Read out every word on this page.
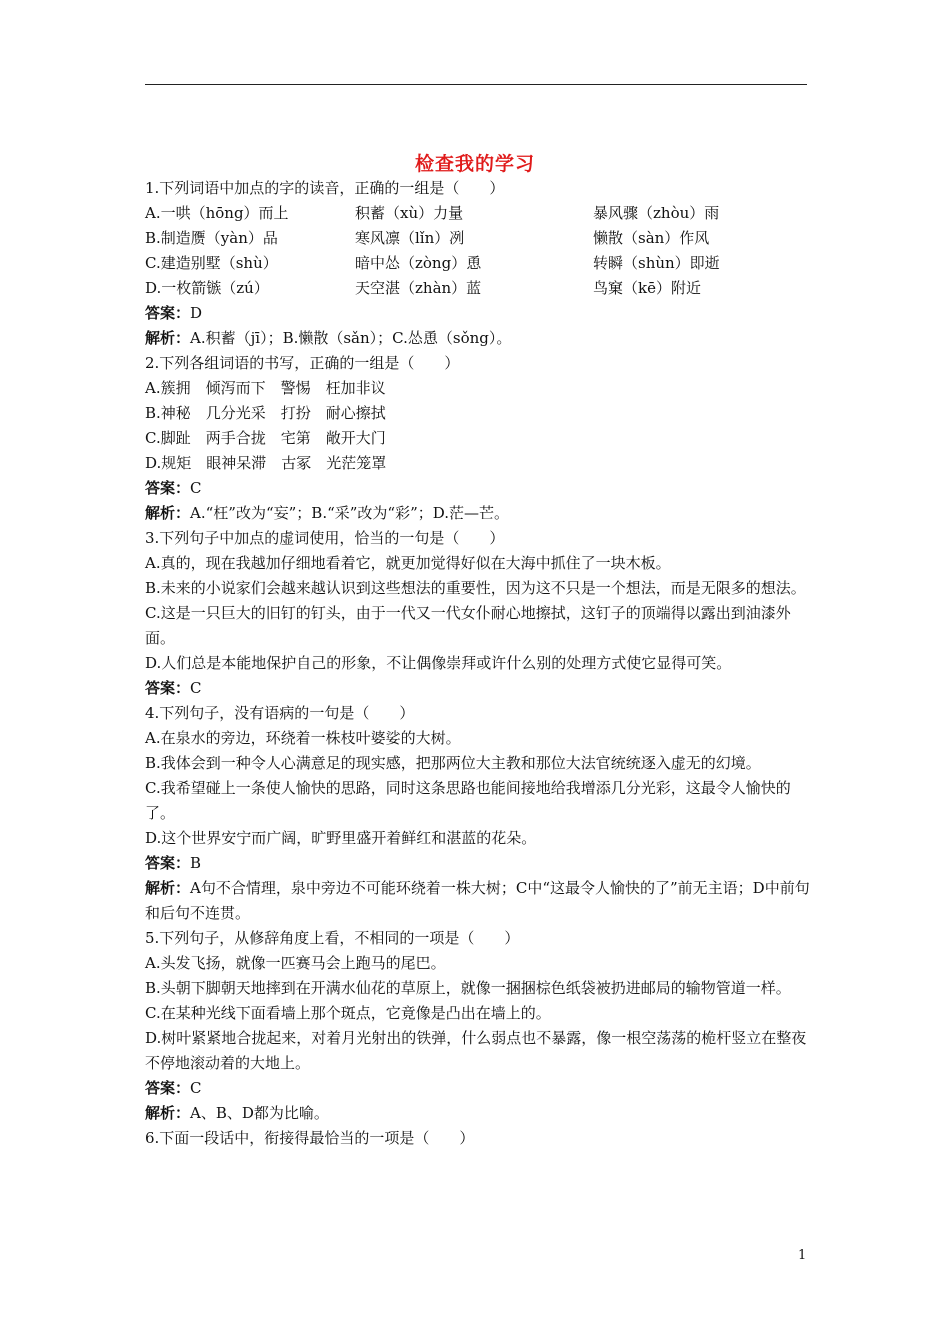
检查我的学习

1.下列词语中加点的字的读音，正确的一组是（　　）

A.一哄（hōng）而上	积蓄（xù）力量	暴风骤（zhòu）雨
B.制造赝（yàn）品	寒风凛（lǐn）冽	懒散（sàn）作风
C.建造别墅（shù）	暗中怂（zòng）恿	转瞬（shùn）即逝
D.一枚箭镞（zú）	天空湛（zhàn）蓝	鸟窠（kē）附近

答案：D

解析：A.积蓄（jī）；B.懒散（sǎn）；C.怂恿（sǒng）。

2.下列各组词语的书写，正确的一组是（　　）

A.簇拥　倾泻而下　警惕　枉加非议

B.神秘　几分光采　打扮　耐心擦拭

C.脚趾　两手合拢　宅第　敞开大门

D.规矩　眼神呆滞　古冢　光茫笼罩

答案：C

解析：A.“枉”改为“妄”；B.“采”改为“彩”；D.茫—芒。

3.下列句子中加点的虚词使用，恰当的一句是（　　）

A.真的，现在我越加仔细地看着它，就更加觉得好似在大海中抓住了一块木板。

B.未来的小说家们会越来越认识到这些想法的重要性，因为这不只是一个想法，而是无限多的想法。

C.这是一只巨大的旧钉的钉头，由于一代又一代女仆耐心地擦拭，这钉子的顶端得以露出到油漆外面。

D.人们总是本能地保护自己的形象，不让偶像崇拜或许什么别的处理方式使它显得可笑。

答案：C

4.下列句子，没有语病的一句是（　　）

A.在泉水的旁边，环绕着一株枝叶婆娑的大树。

B.我体会到一种令人心满意足的现实感，把那两位大主教和那位大法官统统逐入虚无的幻境。

C.我希望碰上一条使人愉快的思路，同时这条思路也能间接地给我增添几分光彩，这最令人愉快的了。

D.这个世界安宁而广阔，旷野里盛开着鲜红和湛蓝的花朵。

答案：B

解析：A句不合情理，泉中旁边不可能环绕着一株大树；C中“这最令人愉快的了”前无主语；D中前句和后句不连贯。

5.下列句子，从修辞角度上看，不相同的一项是（　　）

A.头发飞扬，就像一匹赛马会上跑马的尾巴。

B.头朝下脚朝天地摔到在开满水仙花的草原上，就像一捆捆棕色纸袋被扔进邮局的输物管道一样。

C.在某种光线下面看墙上那个斑点，它竟像是凸出在墙上的。

D.树叶紧紧地合拢起来，对着月光射出的铁弹，什么弱点也不暴露，像一根空荡荡的桅杆竖立在整夜不停地滚动着的大地上。

答案：C

解析：A、B、D都为比喻。

6.下面一段话中，衔接得最恰当的一项是（　　）

1
